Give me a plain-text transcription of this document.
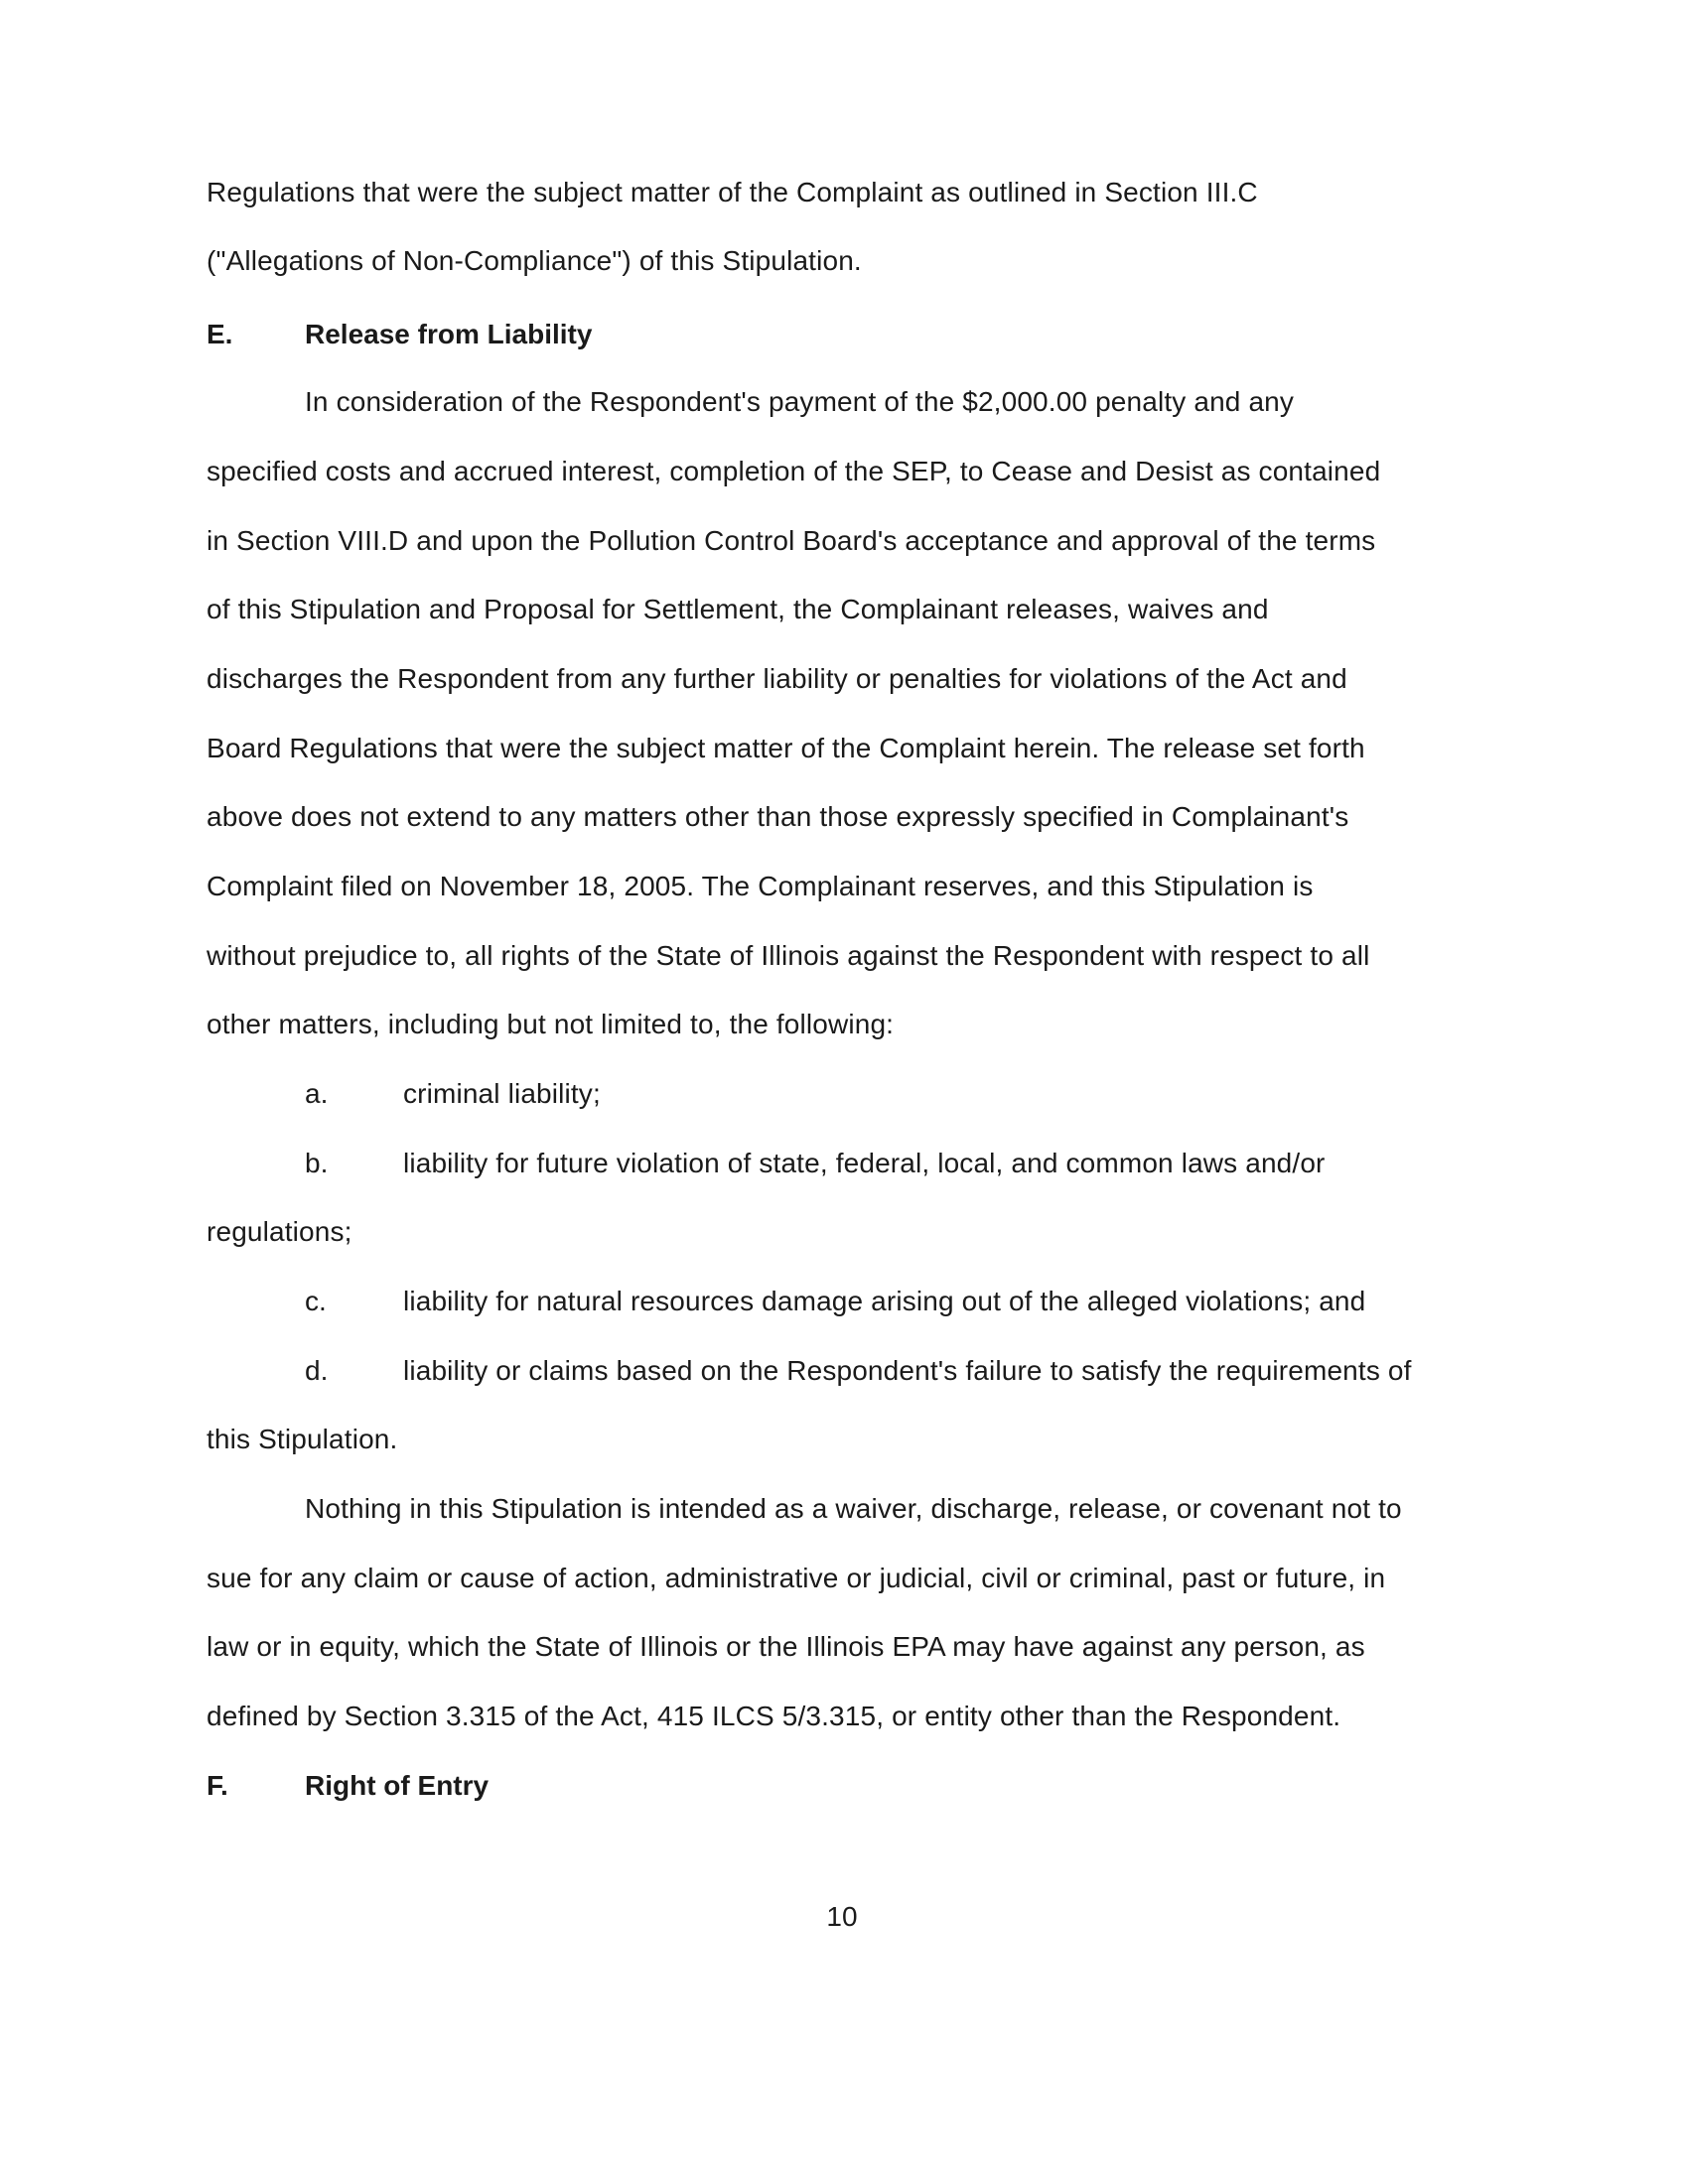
Regulations that were the subject matter of the Complaint as outlined in Section III.C
("Allegations of Non-Compliance") of this Stipulation.
E.	Release from Liability
In consideration of the Respondent's payment of the $2,000.00 penalty and any
specified costs and accrued interest, completion of the SEP, to Cease and Desist as contained
in Section VIII.D and upon the Pollution Control Board's acceptance and approval of the terms
of this Stipulation and Proposal for Settlement, the Complainant releases, waives and
discharges the Respondent from any further liability or penalties for violations of the Act and
Board Regulations that were the subject matter of the Complaint herein. The release set forth
above does not extend to any matters other than those expressly specified in Complainant's
Complaint filed on November 18, 2005. The Complainant reserves, and this Stipulation is
without prejudice to, all rights of the State of Illinois against the Respondent with respect to all
other matters, including but not limited to, the following:
a.	criminal liability;
b.	liability for future violation of state, federal, local, and common laws and/or
regulations;
c.	liability for natural resources damage arising out of the alleged violations; and
d.	liability or claims based on the Respondent's failure to satisfy the requirements of
this Stipulation.
Nothing in this Stipulation is intended as a waiver, discharge, release, or covenant not to
sue for any claim or cause of action, administrative or judicial, civil or criminal, past or future, in
law or in equity, which the State of Illinois or the Illinois EPA may have against any person, as
defined by Section 3.315 of the Act, 415 ILCS 5/3.315, or entity other than the Respondent.
F.	Right of Entry
10
